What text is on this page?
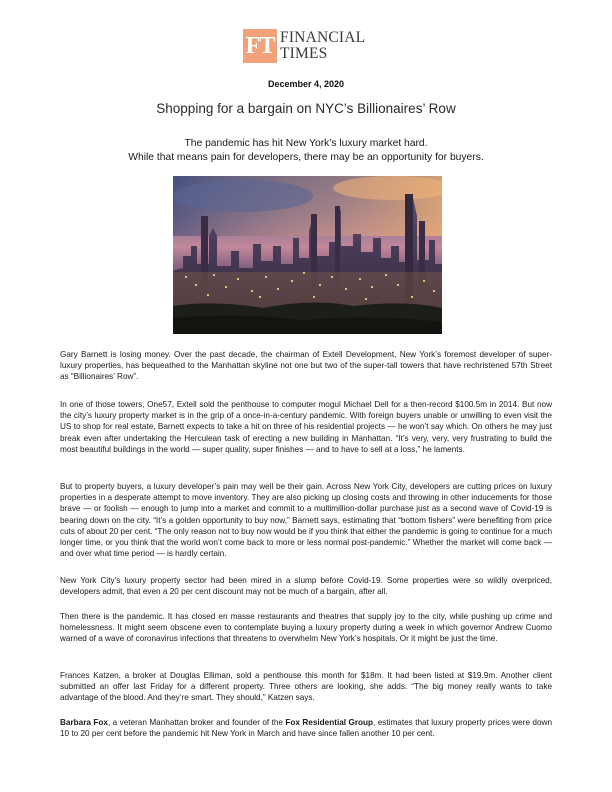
FT FINANCIAL
TIMES
December 4, 2020
Shopping for a bargain on NYC’s Billionaires’ Row
The pandemic has hit New York’s luxury market hard.
While that means pain for developers, there may be an opportunity for buyers.

Gary Barnett is losing money. Over the past decade, the chairman of Extell Development, New York’s foremost developer of super-luxury properties, has bequeathed to the Manhattan skyline not one but two of the super-tall towers that have rechristened 57th Street as “Billionaires’ Row”.

In one of those towers, One57, Extell sold the penthouse to computer mogul Michael Dell for a then-record $100.5m in 2014. But now the city’s luxury property market is in the grip of a once-in-a-century pandemic. With foreign buyers unable or unwilling to even visit the US to shop for real estate, Barnett expects to take a hit on three of his residential projects — he won’t say which. On others he may just break even after undertaking the Herculean task of erecting a new building in Manhattan. “It’s very, very, very frustrating to build the most beautiful buildings in the world — super quality, super finishes — and to have to sell at a loss,” he laments.

But to property buyers, a luxury developer’s pain may well be their gain. Across New York City, developers are cutting prices on luxury properties in a desperate attempt to move inventory. They are also picking up closing costs and throwing in other inducements for those brave — or foolish — enough to jump into a market and commit to a multimillion-dollar purchase just as a second wave of Covid-19 is bearing down on the city. “It’s a golden opportunity to buy now,” Barnett says, estimating that “bottom fishers” were benefiting from price cuts of about 20 per cent. “The only reason not to buy now would be if you think that either the pandemic is going to continue for a much longer time, or you think that the world won’t come back to more or less normal post-pandemic.” Whether the market will come back — and over what time period — is hardly certain.

New York City’s luxury property sector had been mired in a slump before Covid-19. Some properties were so wildly overpriced, developers admit, that even a 20 per cent discount may not be much of a bargain, after all.

Then there is the pandemic. It has closed en masse restaurants and theatres that supply joy to the city, while pushing up crime and homelessness. It might seem obscene even to contemplate buying a luxury property during a week in which governor Andrew Cuomo warned of a wave of coronavirus infections that threatens to overwhelm New York’s hospitals. Or it might be just the time.

Frances Katzen, a broker at Douglas Elliman, sold a penthouse this month for $18m. It had been listed at $19.9m. Another client submitted an offer last Friday for a different property. Three others are looking, she adds. “The big money really wants to take advantage of the blood. And they’re smart. They should,” Katzen says.

Barbara Fox, a veteran Manhattan broker and founder of the Fox Residential Group, estimates that luxury property prices were down 10 to 20 per cent before the pandemic hit New York in March and have since fallen another 10 per cent.
